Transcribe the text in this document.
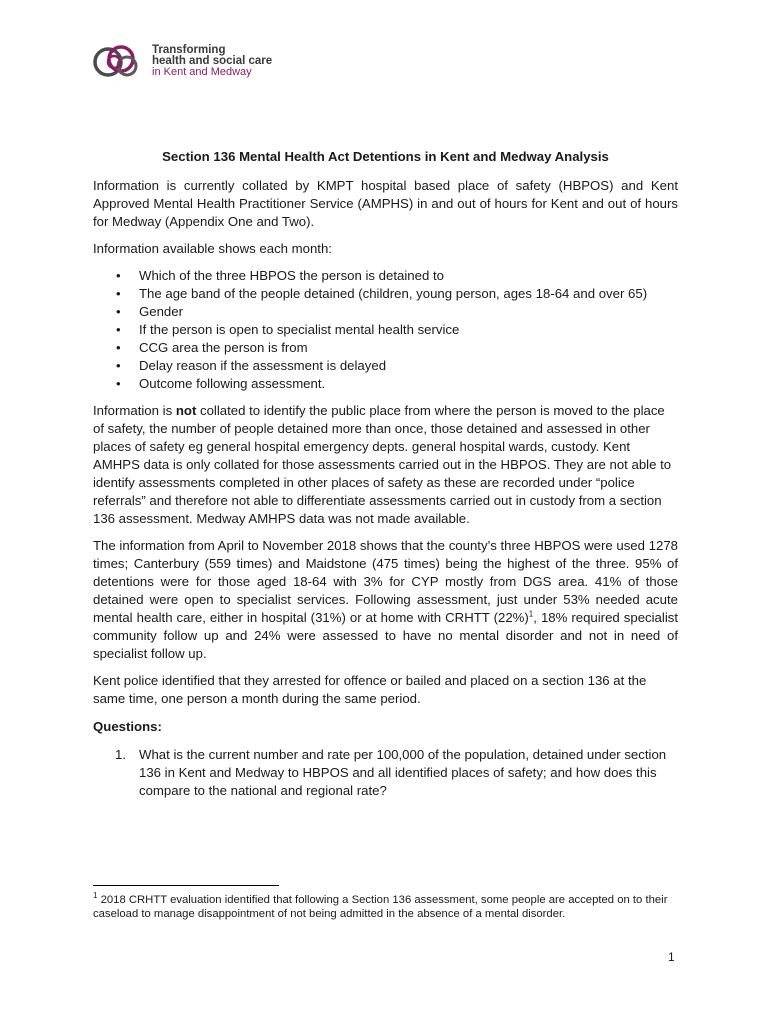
Transforming
health and social care
in Kent and Medway
Section 136 Mental Health Act Detentions in Kent and Medway Analysis

Information is currently collated by KMPT hospital based place of safety (HBPOS) and Kent Approved Mental Health Practitioner Service (AMPHS) in and out of hours for Kent and out of hours for Medway (Appendix One and Two).

Information available shows each month:

• Which of the three HBPOS the person is detained to
• The age band of the people detained (children, young person, ages 18-64 and over 65)
• Gender
• If the person is open to specialist mental health service
• CCG area the person is from
• Delay reason if the assessment is delayed
• Outcome following assessment.

Information is not collated to identify the public place from where the person is moved to the place of safety, the number of people detained more than once, those detained and assessed in other places of safety eg general hospital emergency depts. general hospital wards, custody. Kent AMHPS data is only collated for those assessments carried out in the HBPOS. They are not able to identify assessments completed in other places of safety as these are recorded under “police referrals” and therefore not able to differentiate assessments carried out in custody from a section 136 assessment. Medway AMHPS data was not made available.

The information from April to November 2018 shows that the county’s three HBPOS were used 1278 times; Canterbury (559 times) and Maidstone (475 times) being the highest of the three. 95% of detentions were for those aged 18-64 with 3% for CYP mostly from DGS area. 41% of those detained were open to specialist services. Following assessment, just under 53% needed acute mental health care, either in hospital (31%) or at home with CRHTT $(22\%)^1$, 18% required specialist community follow up and 24% were assessed to have no mental disorder and not in need of specialist follow up.

Kent police identified that they arrested for offence or bailed and placed on a section 136 at the same time, one person a month during the same period.

Questions:
1. What is the current number and rate per 100,000 of the population, detained under section 136 in Kent and Medway to HBPOS and all identified places of safety; and how does this compare to the national and regional rate?
$^1$ 2018 CRHTT evaluation identified that following a Section 136 assessment, some people are accepted on to their caseload to manage disappointment of not being admitted in the absence of a mental disorder.
1
